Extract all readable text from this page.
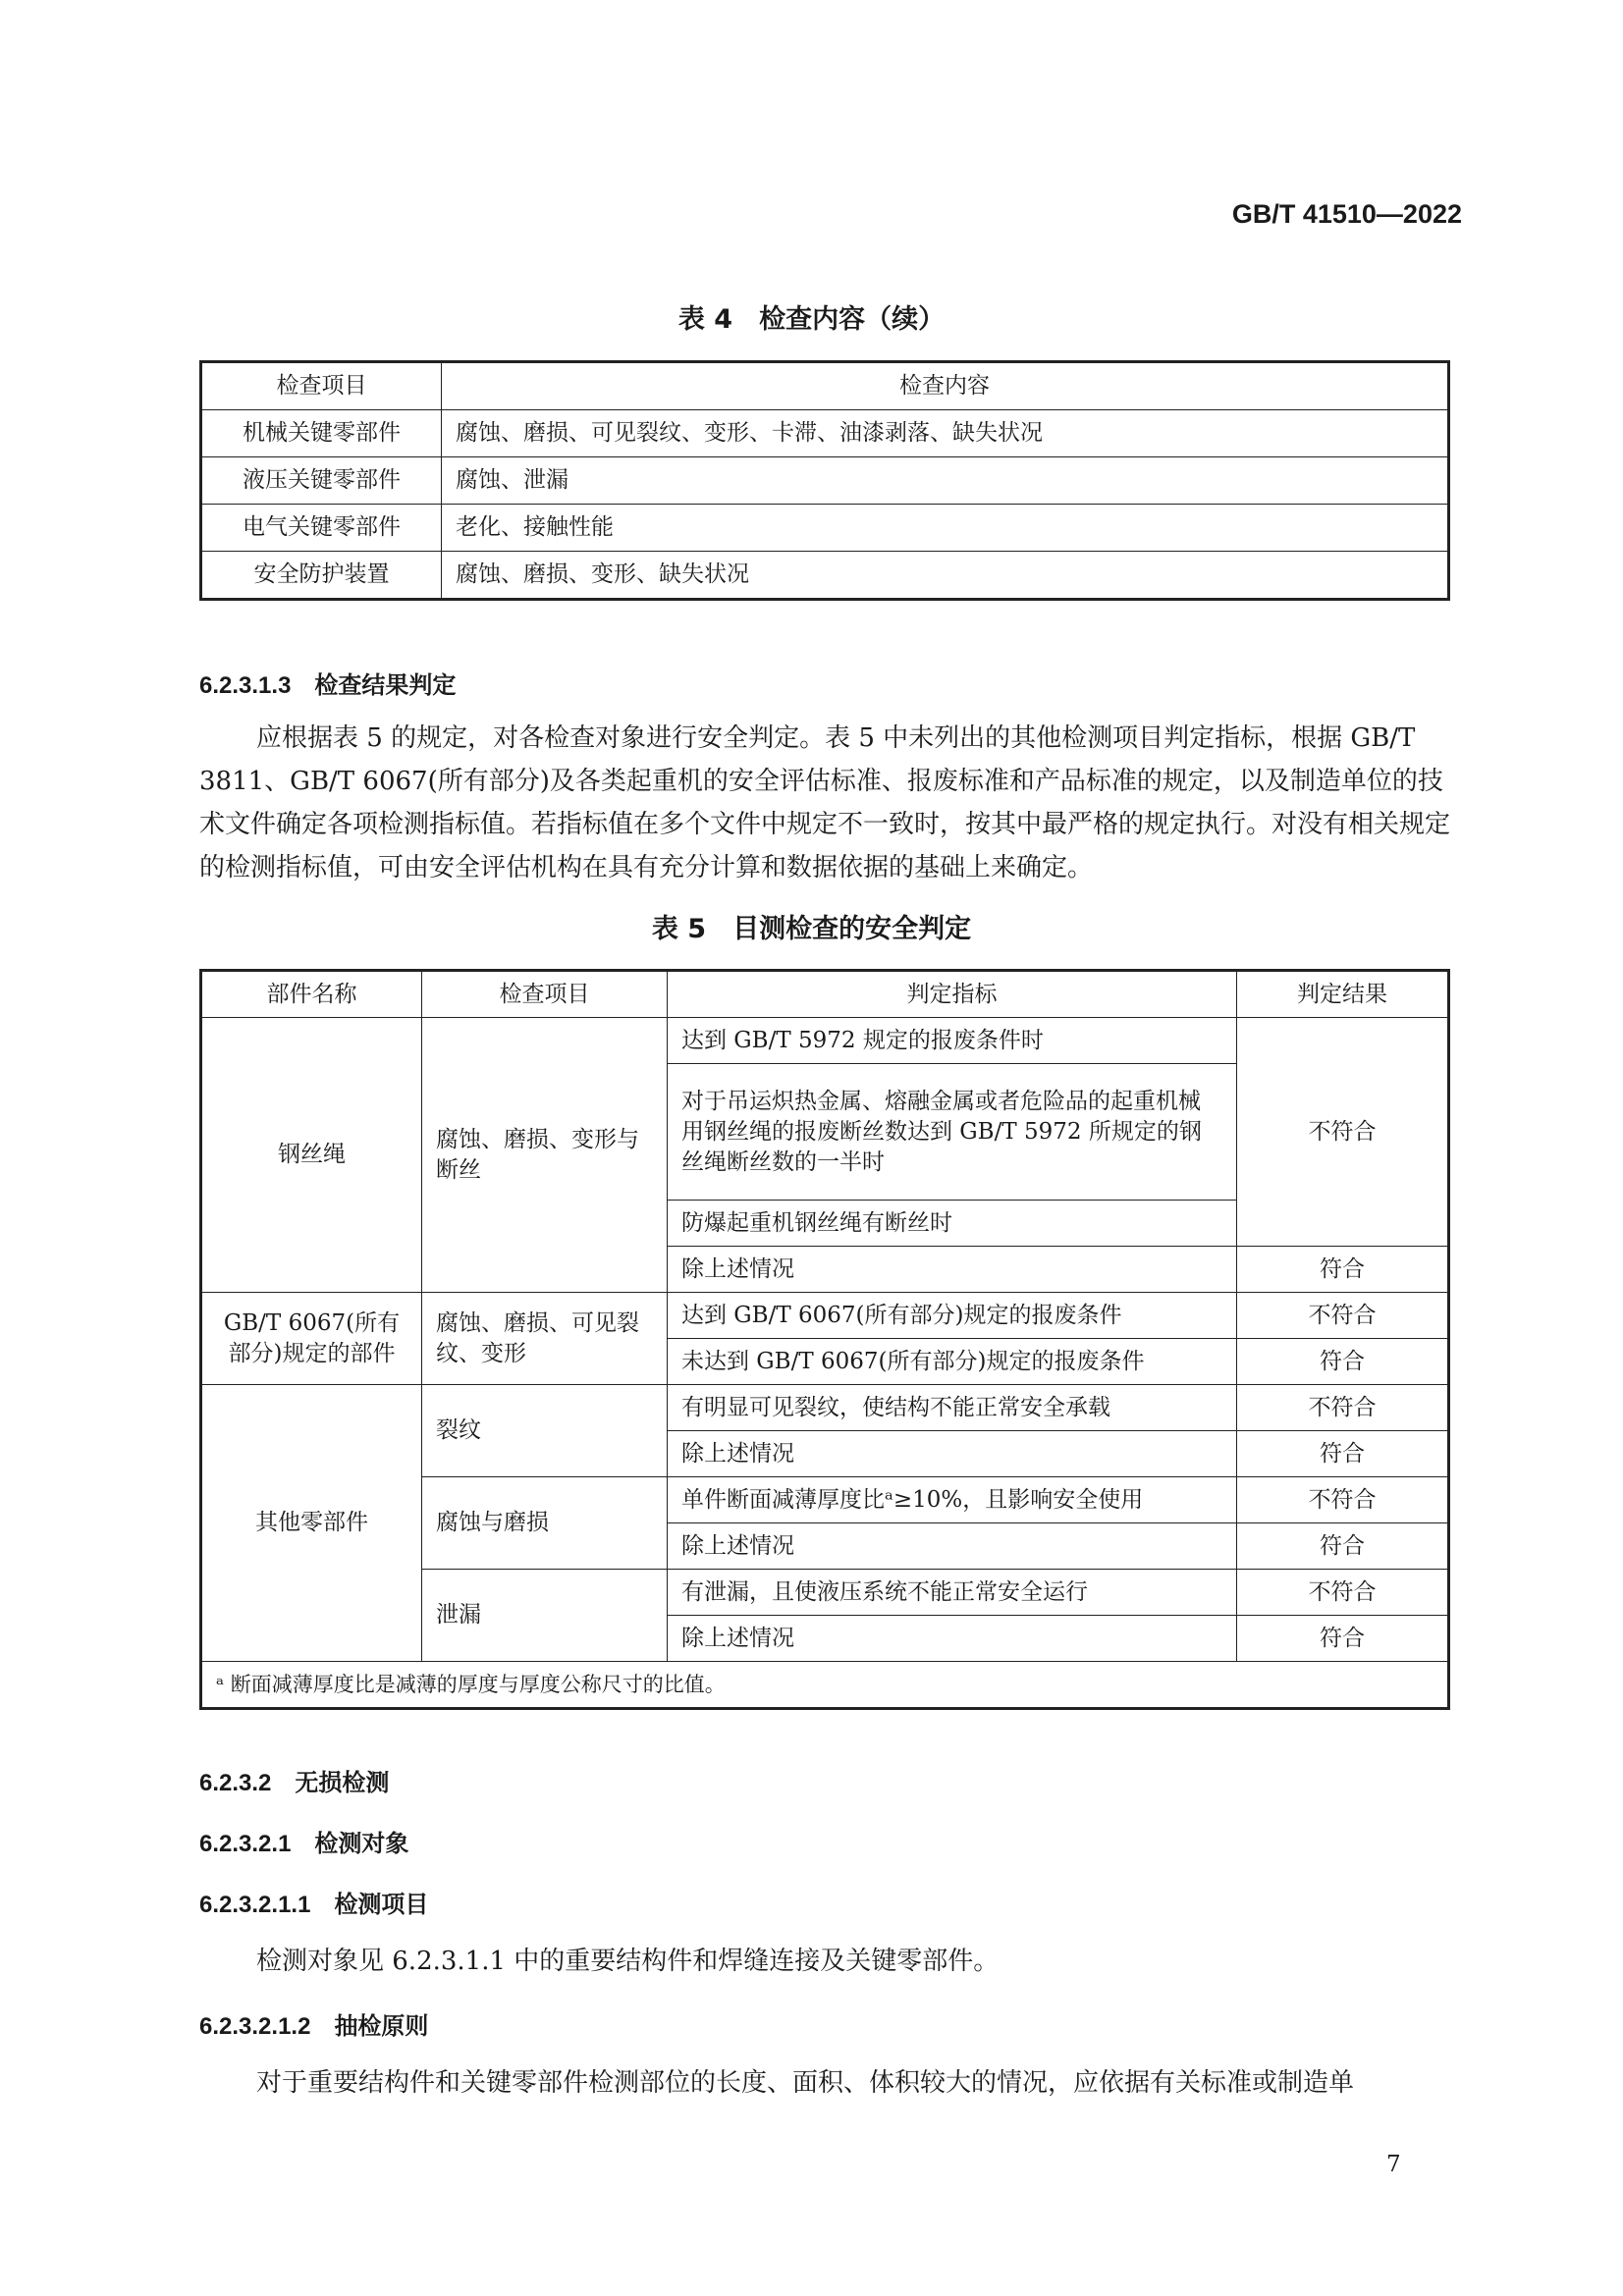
GB/T 41510—2022
表 4　检查内容（续）
检查项目	检查内容
机械关键零部件	腐蚀、磨损、可见裂纹、变形、卡滞、油漆剥落、缺失状况
液压关键零部件	腐蚀、泄漏
电气关键零部件	老化、接触性能
安全防护装置	腐蚀、磨损、变形、缺失状况
6.2.3.1.3　 检查结果判定

应根据表 5 的规定，对各检查对象进行安全判定。表 5 中未列出的其他检测项目判定指标，根据 GB/T 3811、GB/T 6067(所有部分)及各类起重机的安全评估标准、报废标准和产品标准的规定，以及制造单位的技术文件确定各项检测指标值。若指标值在多个文件中规定不一致时，按其中最严格的规定执行。对没有相关规定的检测指标值，可由安全评估机构在具有充分计算和数据依据的基础上来确定。

表 5　目测检查的安全判定
部件名称	检查项目	判定指标	判定结果
钢丝绳	腐蚀、磨损、变形与断丝	达到 GB/T 5972 规定的报废条件时	不符合
		对于吊运炽热金属、熔融金属或者危险品的起重机械用钢丝绳的报废断丝数达到 GB/T 5972 所规定的钢丝绳断丝数的一半时	
		防爆起重机钢丝绳有断丝时	
		除上述情况	符合
GB/T 6067(所有部分)规定的部件	腐蚀、磨损、可见裂纹、变形	达到 GB/T 6067(所有部分)规定的报废条件	不符合
		未达到 GB/T 6067(所有部分)规定的报废条件	符合
其他零部件	裂纹	有明显可见裂纹，使结构不能正常安全承载	不符合
		除上述情况	符合
	腐蚀与磨损	单件断面减薄厚度比ᵃ≥10%，且影响安全使用	不符合
		除上述情况	符合
	泄漏	有泄漏，且使液压系统不能正常安全运行	不符合
		除上述情况	符合
ᵃ 断面减薄厚度比是减薄的厚度与厚度公称尺寸的比值。			
6.2.3.2　 无损检测
6.2.3.2.1　 检测对象
6.2.3.2.1.1　 检测项目

检测对象见 6.2.3.1.1 中的重要结构件和焊缝连接及关键零部件。

6.2.3.2.1.2　 抽检原则

对于重要结构件和关键零部件检测部位的长度、面积、体积较大的情况，应依据有关标准或制造单

7
